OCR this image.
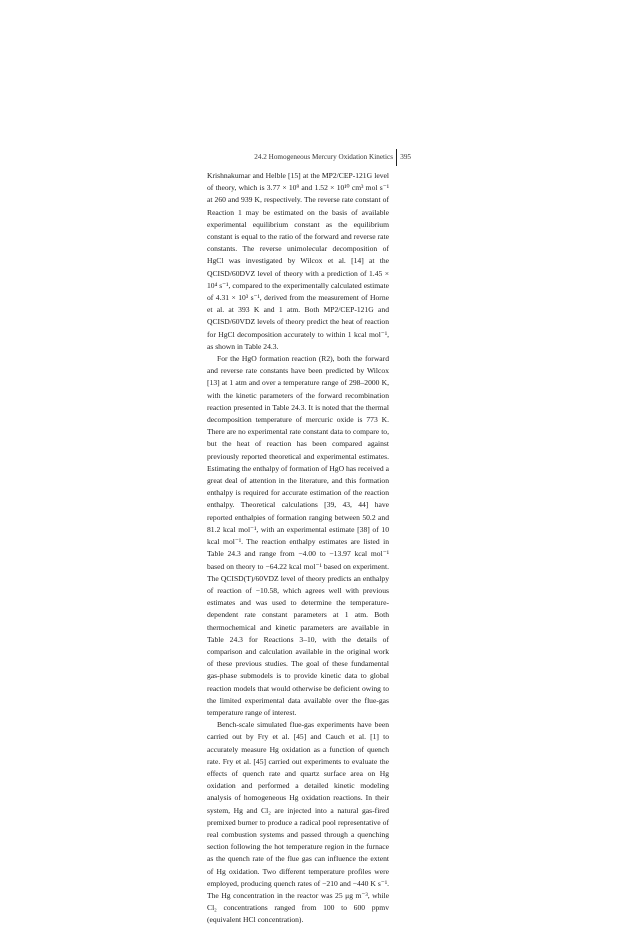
24.2 Homogeneous Mercury Oxidation Kinetics 395

Krishnakumar and Helble [15] at the MP2/CEP-121G level of theory, which is 3.77 × 10⁹ and 1.52 × 10¹⁰ cm³ mol s⁻¹ at 260 and 939 K, respectively. The reverse rate constant of Reaction 1 may be estimated on the basis of available experimental equilibrium constant as the equilibrium constant is equal to the ratio of the forward and reverse rate constants. The reverse unimolecular decomposition of HgCl was investigated by Wilcox et al. [14] at the QCISD/60DVZ level of theory with a prediction of 1.45 × 10⁴ s⁻¹, compared to the experimentally calculated estimate of 4.31 × 10³ s⁻¹, derived from the measurement of Horne et al. at 393 K and 1 atm. Both MP2/CEP-121G and QCISD/60VDZ levels of theory predict the heat of reaction for HgCl decomposition accurately to within 1 kcal mol⁻¹, as shown in Table 24.3.

For the HgO formation reaction (R2), both the forward and reverse rate constants have been predicted by Wilcox [13] at 1 atm and over a temperature range of 298–2000 K, with the kinetic parameters of the forward recombination reaction presented in Table 24.3. It is noted that the thermal decomposition temperature of mercuric oxide is 773 K. There are no experimental rate constant data to compare to, but the heat of reaction has been compared against previously reported theoretical and experimental estimates. Estimating the enthalpy of formation of HgO has received a great deal of attention in the literature, and this formation enthalpy is required for accurate estimation of the reaction enthalpy. Theoretical calculations [39, 43, 44] have reported enthalpies of formation ranging between 50.2 and 81.2 kcal mol⁻¹, with an experimental estimate [38] of 10 kcal mol⁻¹. The reaction enthalpy estimates are listed in Table 24.3 and range from −4.00 to −13.97 kcal mol⁻¹ based on theory to −64.22 kcal mol⁻¹ based on experiment. The QCISD(T)/60VDZ level of theory predicts an enthalpy of reaction of −10.58, which agrees well with previous estimates and was used to determine the temperature-dependent rate constant parameters at 1 atm. Both thermochemical and kinetic parameters are available in Table 24.3 for Reactions 3–10, with the details of comparison and calculation available in the original work of these previous studies. The goal of these fundamental gas-phase submodels is to provide kinetic data to global reaction models that would otherwise be deficient owing to the limited experimental data available over the flue-gas temperature range of interest.

Bench-scale simulated flue-gas experiments have been carried out by Fry et al. [45] and Cauch et al. [1] to accurately measure Hg oxidation as a function of quench rate. Fry et al. [45] carried out experiments to evaluate the effects of quench rate and quartz surface area on Hg oxidation and performed a detailed kinetic modeling analysis of homogeneous Hg oxidation reactions. In their system, Hg and Cl₂ are injected into a natural gas-fired premixed burner to produce a radical pool representative of real combustion systems and passed through a quenching section following the hot temperature region in the furnace as the quench rate of the flue gas can influence the extent of Hg oxidation. Two different temperature profiles were employed, producing quench rates of −210 and −440 K s⁻¹. The Hg concentration in the reactor was 25 μg m⁻³, while Cl₂ concentrations ranged from 100 to 600 ppmv (equivalent HCl concentration).
